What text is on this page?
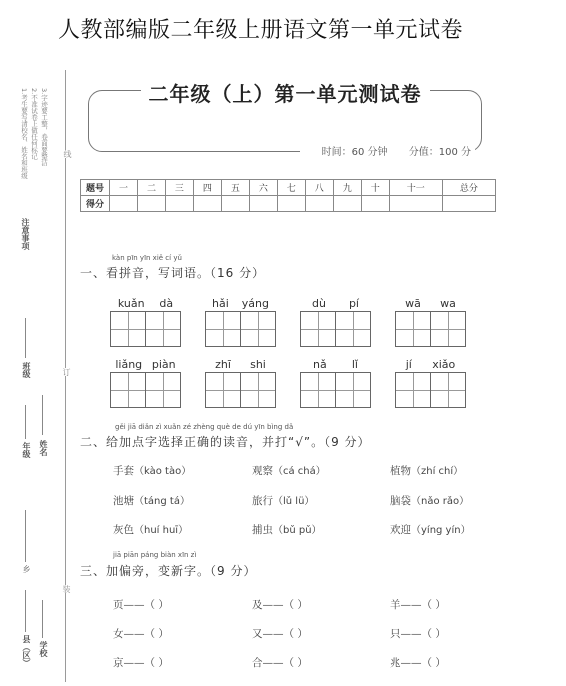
人教部编版二年级上册语文第一单元试卷
1.考生要写清校名、姓名和班级 2.不准试卷上做任何标记 3.字迹要工整，卷面要整洁
注意事项
线
班级	订
年级 姓名
乡
装
县（区） 学校
二年级（上）第一单元测试卷
时间：60 分钟 分值：100 分
题号	一	二	三	四	五	六	七	八	九	十	十一	总分
得分												
kàn pīn yīn xiě cí yǔ
一、看拼音，写词语。（16 分）
kuǎn dà	hǎi yáng	dù pí	wā wa
liǎng piàn	zhī shi	nǎ lǐ	jí xiǎo
gěi jiā diǎn zì xuǎn zé zhèng què de dú yīn bìng dǎ
二、给加点字选择正确的读音，并打“√”。（9 分）
手套（kào tào）	观察（cá chá）	植物（zhí chí）
池塘（táng tá）	旅行（lǔ lü）	脑袋（nǎo rǎo）
灰色（huí huī）	捕虫（bǔ pǔ）	欢迎（yíng yín）
jiā piān páng biàn xīn zì
三、加偏旁，变新字。（9 分）
页——（ ）	及——（ ）	羊——（ ）
女——（ ）	又——（ ）	只——（ ）
京——（ ）	合——（ ）	兆——（ ）
